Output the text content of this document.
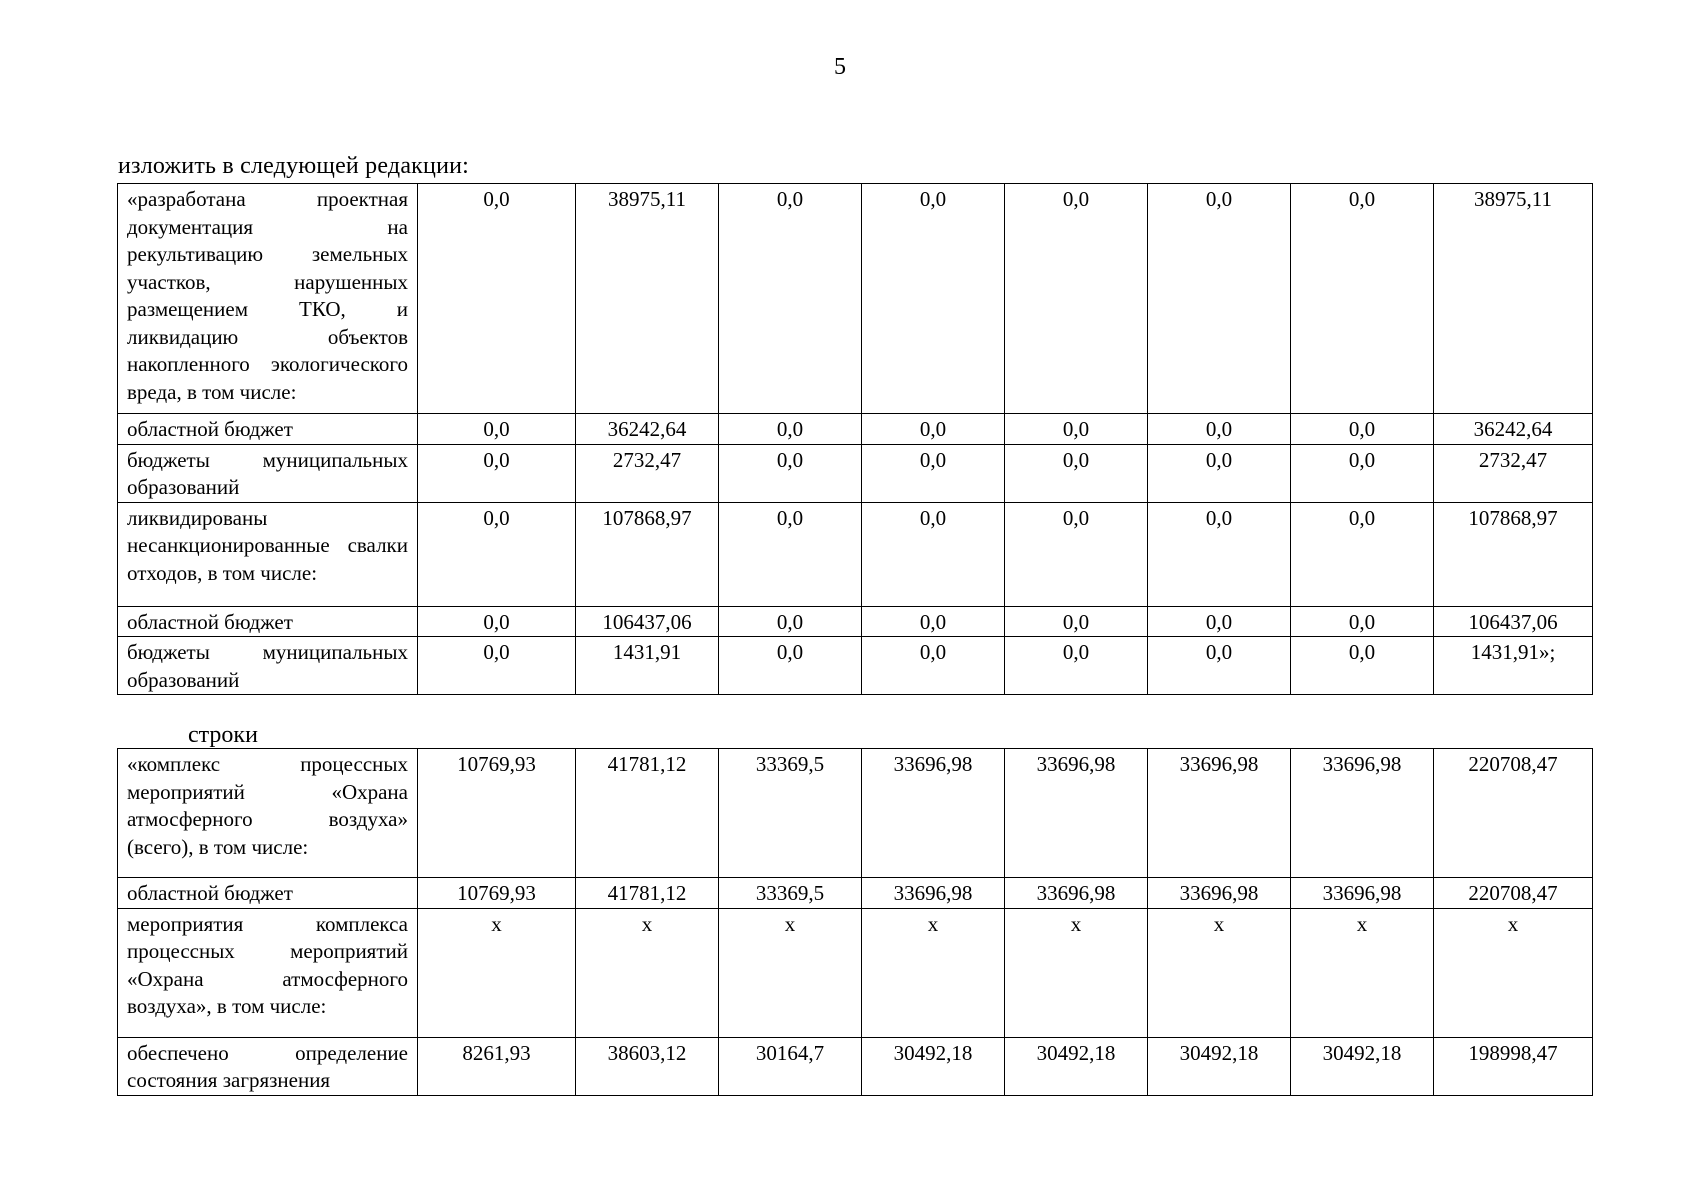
5
изложить в следующей редакции:
«разработана проектная документация на рекультивацию земельных участков, нарушенных размещением ТКО, и ликвидацию объектов накопленного экологического вреда, в том числе:	0,0	38975,11	0,0	0,0	0,0	0,0	0,0	38975,11
областной бюджет	0,0	36242,64	0,0	0,0	0,0	0,0	0,0	36242,64
бюджеты муниципальных образований	0,0	2732,47	0,0	0,0	0,0	0,0	0,0	2732,47
ликвидированы несанкционированные свалки отходов, в том числе:	0,0	107868,97	0,0	0,0	0,0	0,0	0,0	107868,97
областной бюджет	0,0	106437,06	0,0	0,0	0,0	0,0	0,0	106437,06
бюджеты муниципальных образований	0,0	1431,91	0,0	0,0	0,0	0,0	0,0	1431,91»;
строки
«комплекс процессных мероприятий «Охрана атмосферного воздуха» (всего), в том числе:	10769,93	41781,12	33369,5	33696,98	33696,98	33696,98	33696,98	220708,47
областной бюджет	10769,93	41781,12	33369,5	33696,98	33696,98	33696,98	33696,98	220708,47
мероприятия комплекса процессных мероприятий «Охрана атмосферного воздуха», в том числе:	x	x	x	x	x	x	x	x
обеспечено определение состояния загрязнения	8261,93	38603,12	30164,7	30492,18	30492,18	30492,18	30492,18	198998,47
